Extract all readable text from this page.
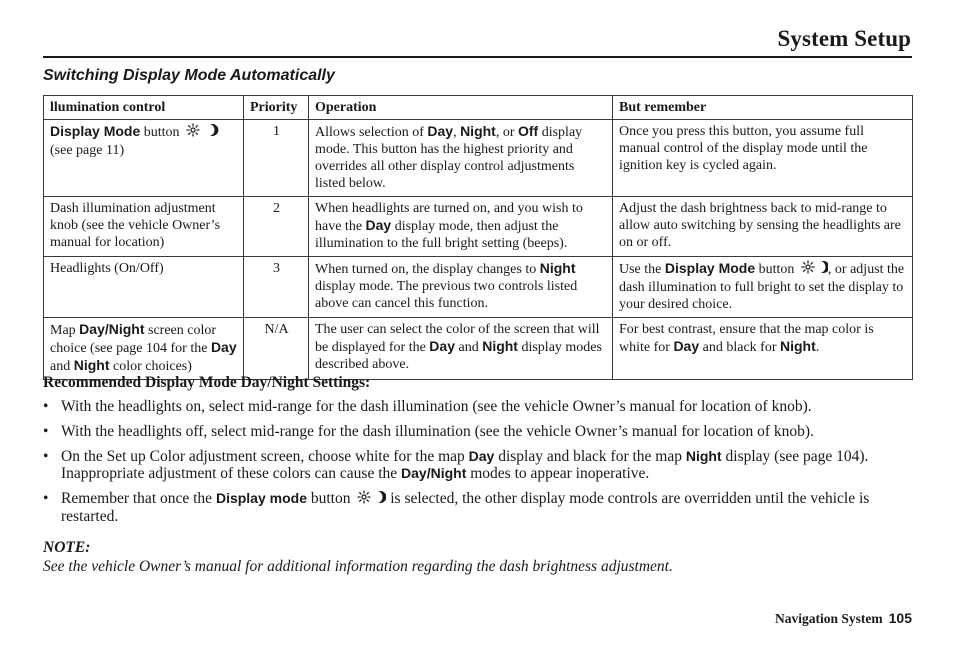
System Setup
Switching Display Mode Automatically
llumination control	Priority	Operation	But remember
Display Mode button  (see page 11)	1	Allows selection of Day, Night, or Off display mode. This button has the highest priority and overrides all other display control adjustments listed below.	Once you press this button, you assume full manual control of the display mode until the ignition key is cycled again.
Dash illumination adjustment knob (see the vehicle Owner’s manual for location)	2	When headlights are turned on, and you wish to have the Day display mode, then adjust the illumination to the full bright setting (beeps).	Adjust the dash brightness back to mid-range to allow auto switching by sensing the headlights are on or off.
Headlights (On/Off)	3	When turned on, the display changes to Night display mode. The previous two controls listed above can cancel this function.	Use the Display Mode button , or adjust the dash illumination to full bright to set the display to your desired choice.
Map Day/Night screen color choice (see page 104 for the Day and Night color choices)	N/A	The user can select the color of the screen that will be displayed for the Day and Night display modes described above.	For best contrast, ensure that the map color is white for Day and black for Night.
Recommended Display Mode Day/Night Settings:
• With the headlights on, select mid-range for the dash illumination (see the vehicle Owner’s manual for location of knob).
• With the headlights off, select mid-range for the dash illumination (see the vehicle Owner’s manual for location of knob).
• On the Set up Color adjustment screen, choose white for the map Day display and black for the map Night display (see page 104). Inappropriate adjustment of these colors can cause the Day/Night modes to appear inoperative.
• Remember that once the Display mode button  is selected, the other display mode controls are overridden until the vehicle is restarted.
NOTE:
See the vehicle Owner’s manual for additional information regarding the dash brightness adjustment.
Navigation System 105
